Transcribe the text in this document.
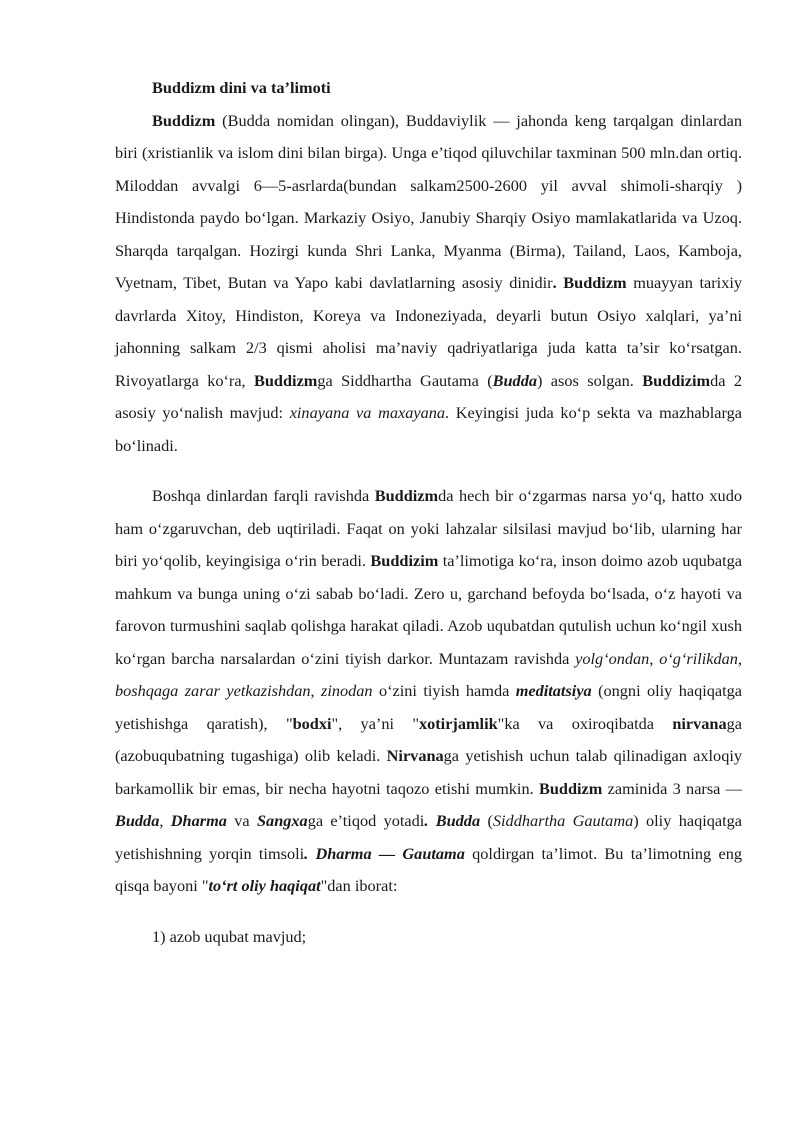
Buddizm dini va ta’limoti

Buddizm (Budda nomidan olingan), Buddaviylik — jahonda keng tarqalgan dinlardan biri (xristianlik va islom dini bilan birga). Unga e’tiqod qiluvchilar taxminan 500 mln.dan ortiq. Miloddan avvalgi 6—5-asrlarda(bundan salkam2500-2600 yil avval shimoli-sharqiy ) Hindistonda paydo boʻlgan. Markaziy Osiyo, Janubiy Sharqiy Osiyo mamlakatlarida va Uzoq. Sharqda tarqalgan. Hozirgi kunda Shri Lanka, Myanma (Birma), Tailand, Laos, Kamboja, Vyetnam, Tibet, Butan va Yapo kabi davlatlarning asosiy dinidir. Buddizm muayyan tarixiy davrlarda Xitoy, Hindiston, Koreya va Indoneziyada, deyarli butun Osiyo xalqlari, ya’ni jahonning salkam 2/3 qismi aholisi ma’naviy qadriyatlariga juda katta ta’sir koʻrsatgan. Rivoyatlarga koʻra, Buddizmga Siddhartha Gautama (Budda) asos solgan. Buddizimda 2 asosiy yoʻnalish mavjud: xinayana va maxayana. Keyingisi juda koʻp sekta va mazhablarga boʻlinadi.

Boshqa dinlardan farqli ravishda Buddizmda hech bir oʻzgarmas narsa yoʻq, hatto xudo ham oʻzgaruvchan, deb uqtiriladi. Faqat on yoki lahzalar silsilasi mavjud boʻlib, ularning har biri yoʻqolib, keyingisiga oʻrin beradi. Buddizim ta’limotiga koʻra, inson doimo azob uqubatga mahkum va bunga uning oʻzi sabab boʻladi. Zero u, garchand befoyda boʻlsada, oʻz hayoti va farovon turmushini saqlab qolishga harakat qiladi. Azob uqubatdan qutulish uchun koʻngil xush koʻrgan barcha narsalardan oʻzini tiyish darkor. Muntazam ravishda yolgʻondan, oʻgʻrilikdan, boshqaga zarar yetkazishdan, zinodan oʻzini tiyish hamda meditatsiya (ongni oliy haqiqatga yetishishga qaratish), "bodxi", ya’ni "xotirjamlik"ka va oxiroqibatda nirvanaga (azobuqubatning tugashiga) olib keladi. Nirvanaga yetishish uchun talab qilinadigan axloqiy barkamollik bir emas, bir necha hayotni taqozo etishi mumkin. Buddizm zaminida 3 narsa — Budda, Dharma va Sangxaga e’tiqod yotadi. Budda (Siddhartha Gautama) oliy haqiqatga yetishishning yorqin timsoli. Dharma — Gautama qoldirgan ta’limot. Bu ta’limotning eng qisqa bayoni "toʻrt oliy haqiqat"dan iborat:

1) azob uqubat mavjud;
